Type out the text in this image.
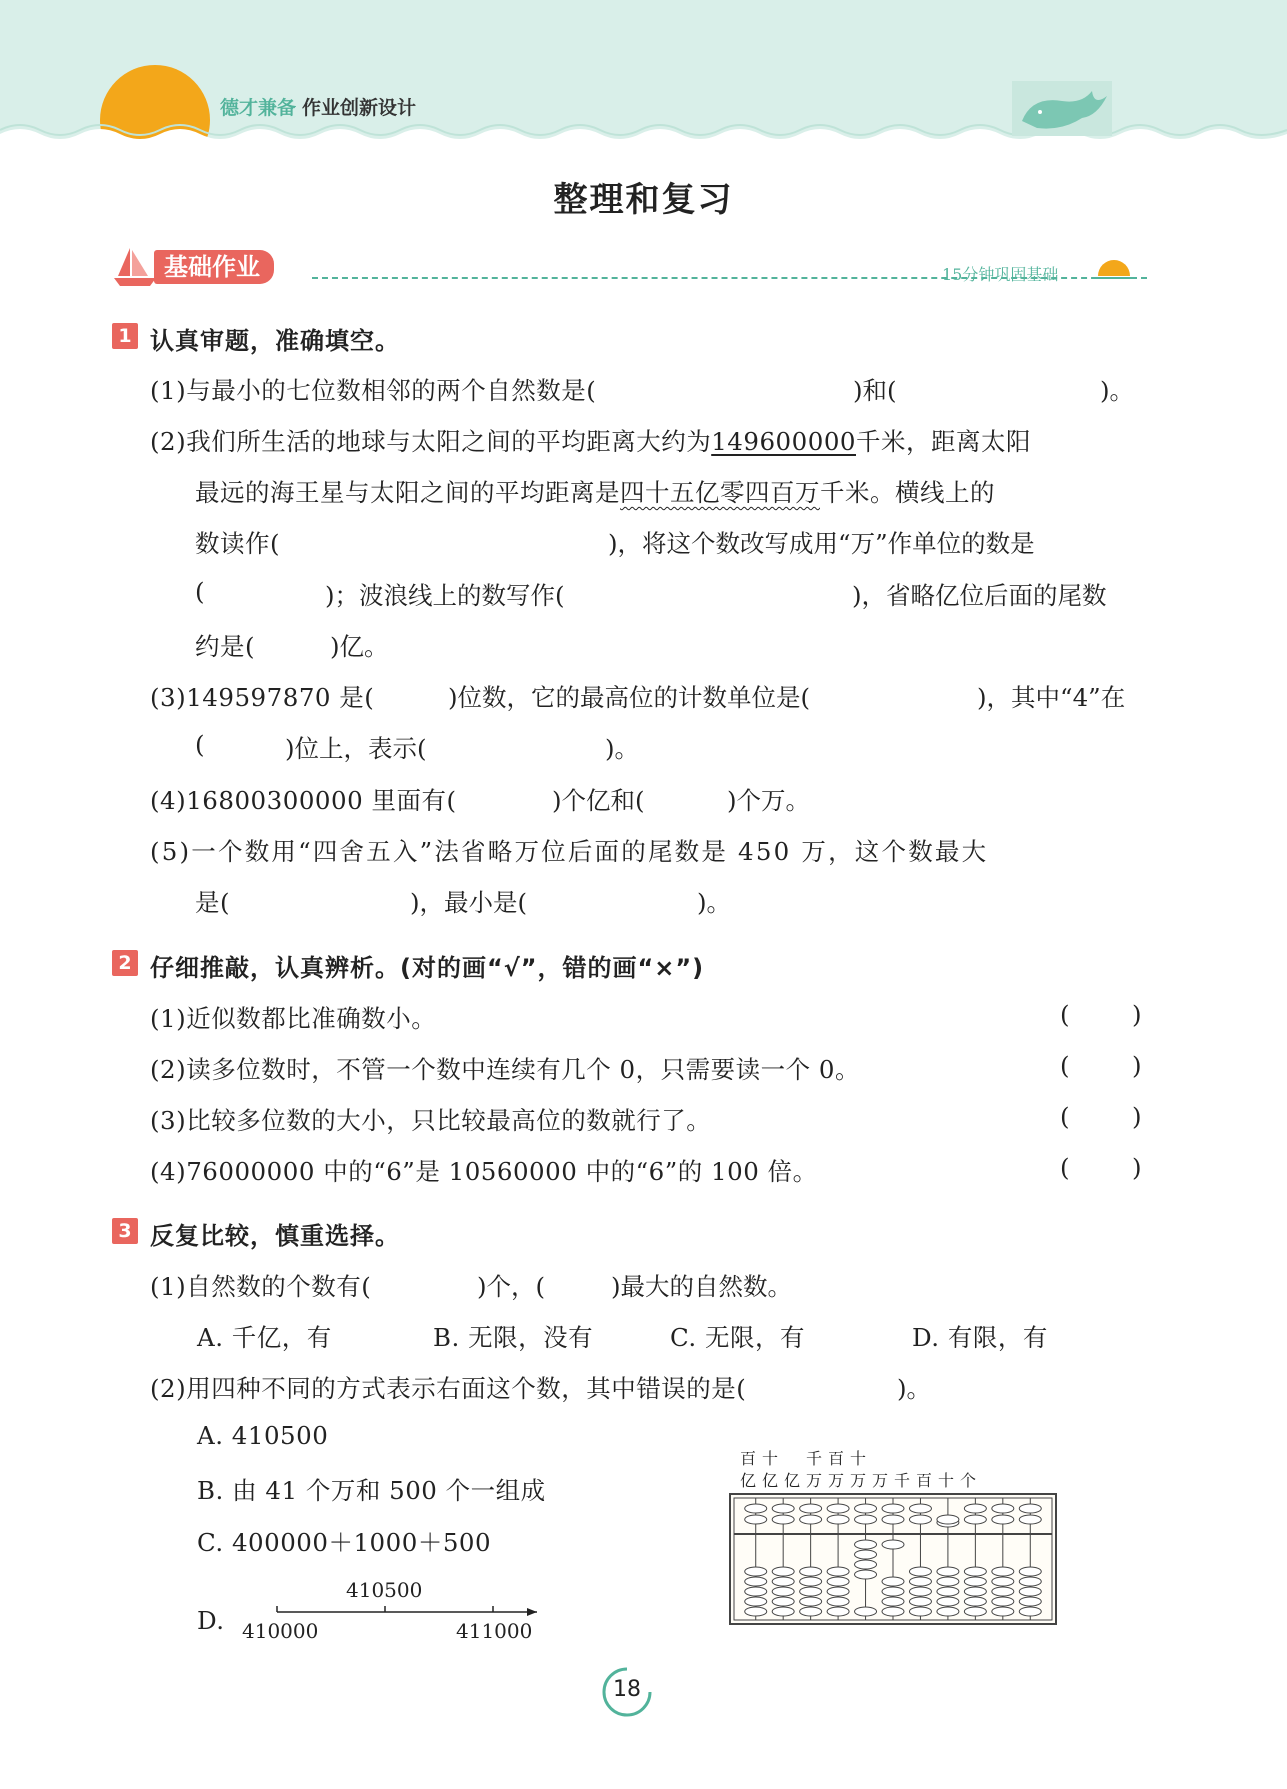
德才兼备 作业创新设计
整理和复习
基础作业	15分钟巩固基础
1 认真审题，准确填空。
(1)与最小的七位数相邻的两个自然数是(	)和(	)。
(2)我们所生活的地球与太阳之间的平均距离大约为149600000千米，距离太阳
最远的海王星与太阳之间的平均距离是四十五亿零四百万千米。横线上的
数读作(	)，将这个数改写成用“万”作单位的数是
(	)；波浪线上的数写作(	)，省略亿位后面的尾数
约是(	)亿。
(3)149597870 是(	)位数，它的最高位的计数单位是(	)，其中“4”在
(	)位上，表示(	)。
(4)16800300000 里面有(	)个亿和(	)个万。
(5)一个数用“四舍五入”法省略万位后面的尾数是 450 万，这个数最大
是(	)，最小是(	)。
2 仔细推敲，认真辨析。(对的画“√”，错的画“×”)
(1)近似数都比准确数小。	(	)
(2)读多位数时，不管一个数中连续有几个 0，只需要读一个 0。	(	)
(3)比较多位数的大小，只比较最高位的数就行了。	(	)
(4)76000000 中的“6”是 10560000 中的“6”的 100 倍。	(	)
3 反复比较，慎重选择。
(1)自然数的个数有(	)个，(	)最大的自然数。
A. 千亿，有	B. 无限，没有	C. 无限，有	D. 有限，有
(2)用四种不同的方式表示右面这个数，其中错误的是(	)。
A. 410500
B. 由 41 个万和 500 个一组成
C. 400000＋1000＋500
D. 410000
410500
411000
百十　千百十
亿亿亿万万万万千百十个
18
